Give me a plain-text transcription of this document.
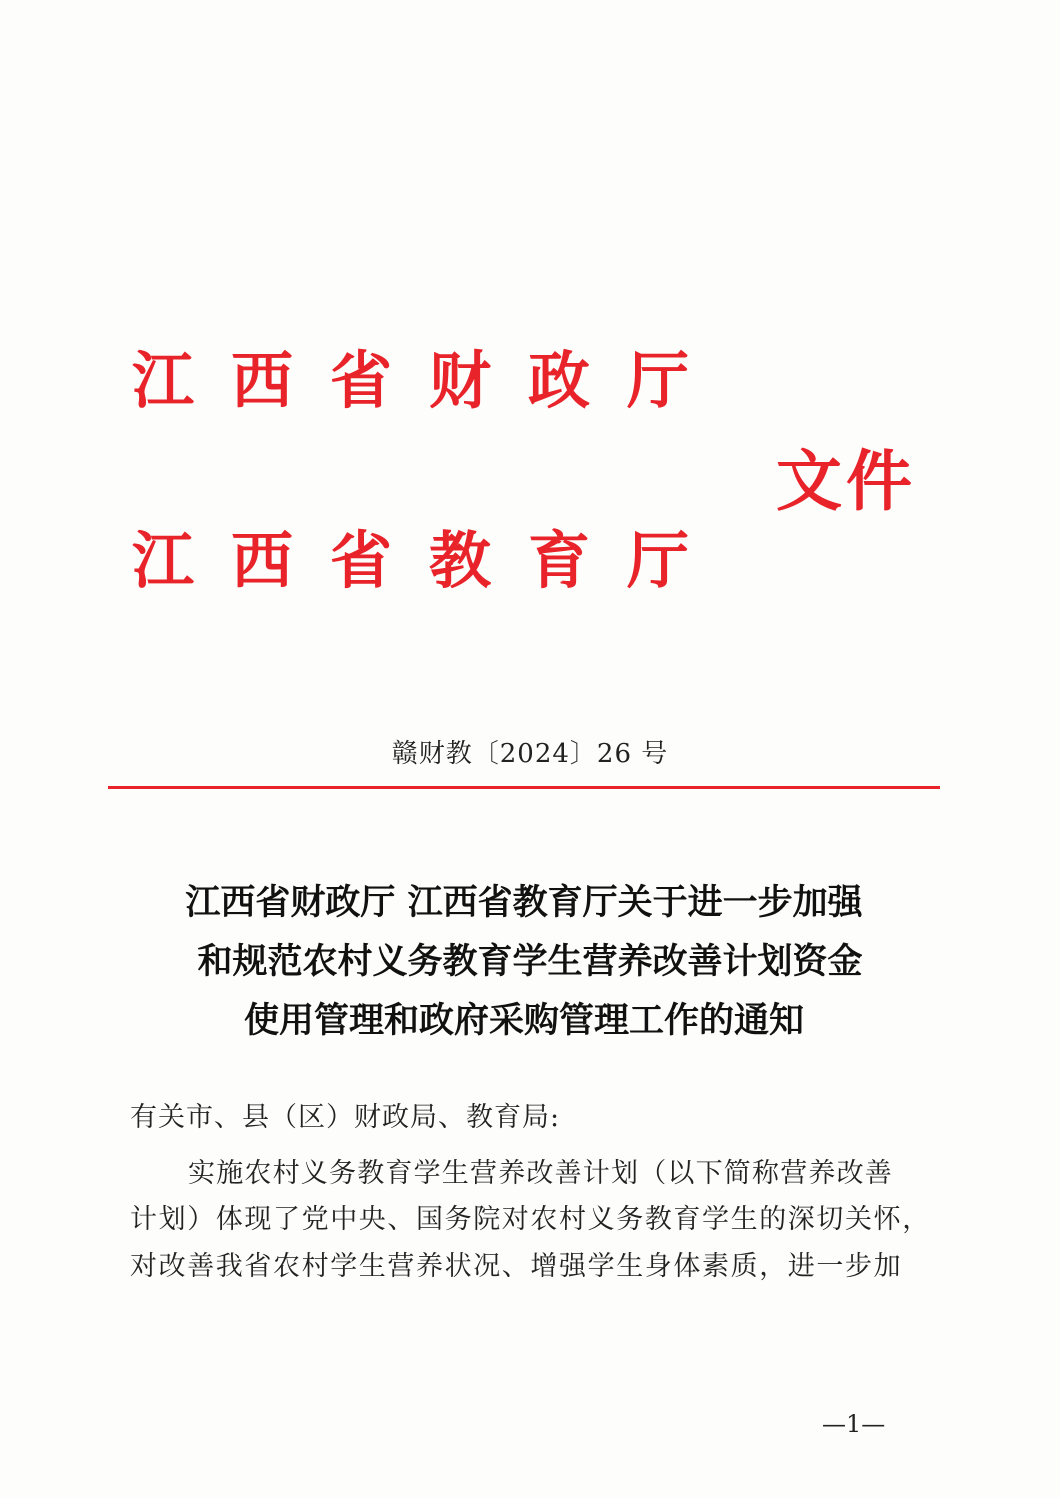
江西省财政厅
文件
江西省教育厅
赣财教〔2024〕26 号
江西省财政厅 江西省教育厅关于进一步加强
和规范农村义务教育学生营养改善计划资金
使用管理和政府采购管理工作的通知
有关市、县（区）财政局、教育局:
实施农村义务教育学生营养改善计划（以下简称营养改善
计划）体现了党中央、国务院对农村义务教育学生的深切关怀，
对改善我省农村学生营养状况、增强学生身体素质，进一步加
—1—
